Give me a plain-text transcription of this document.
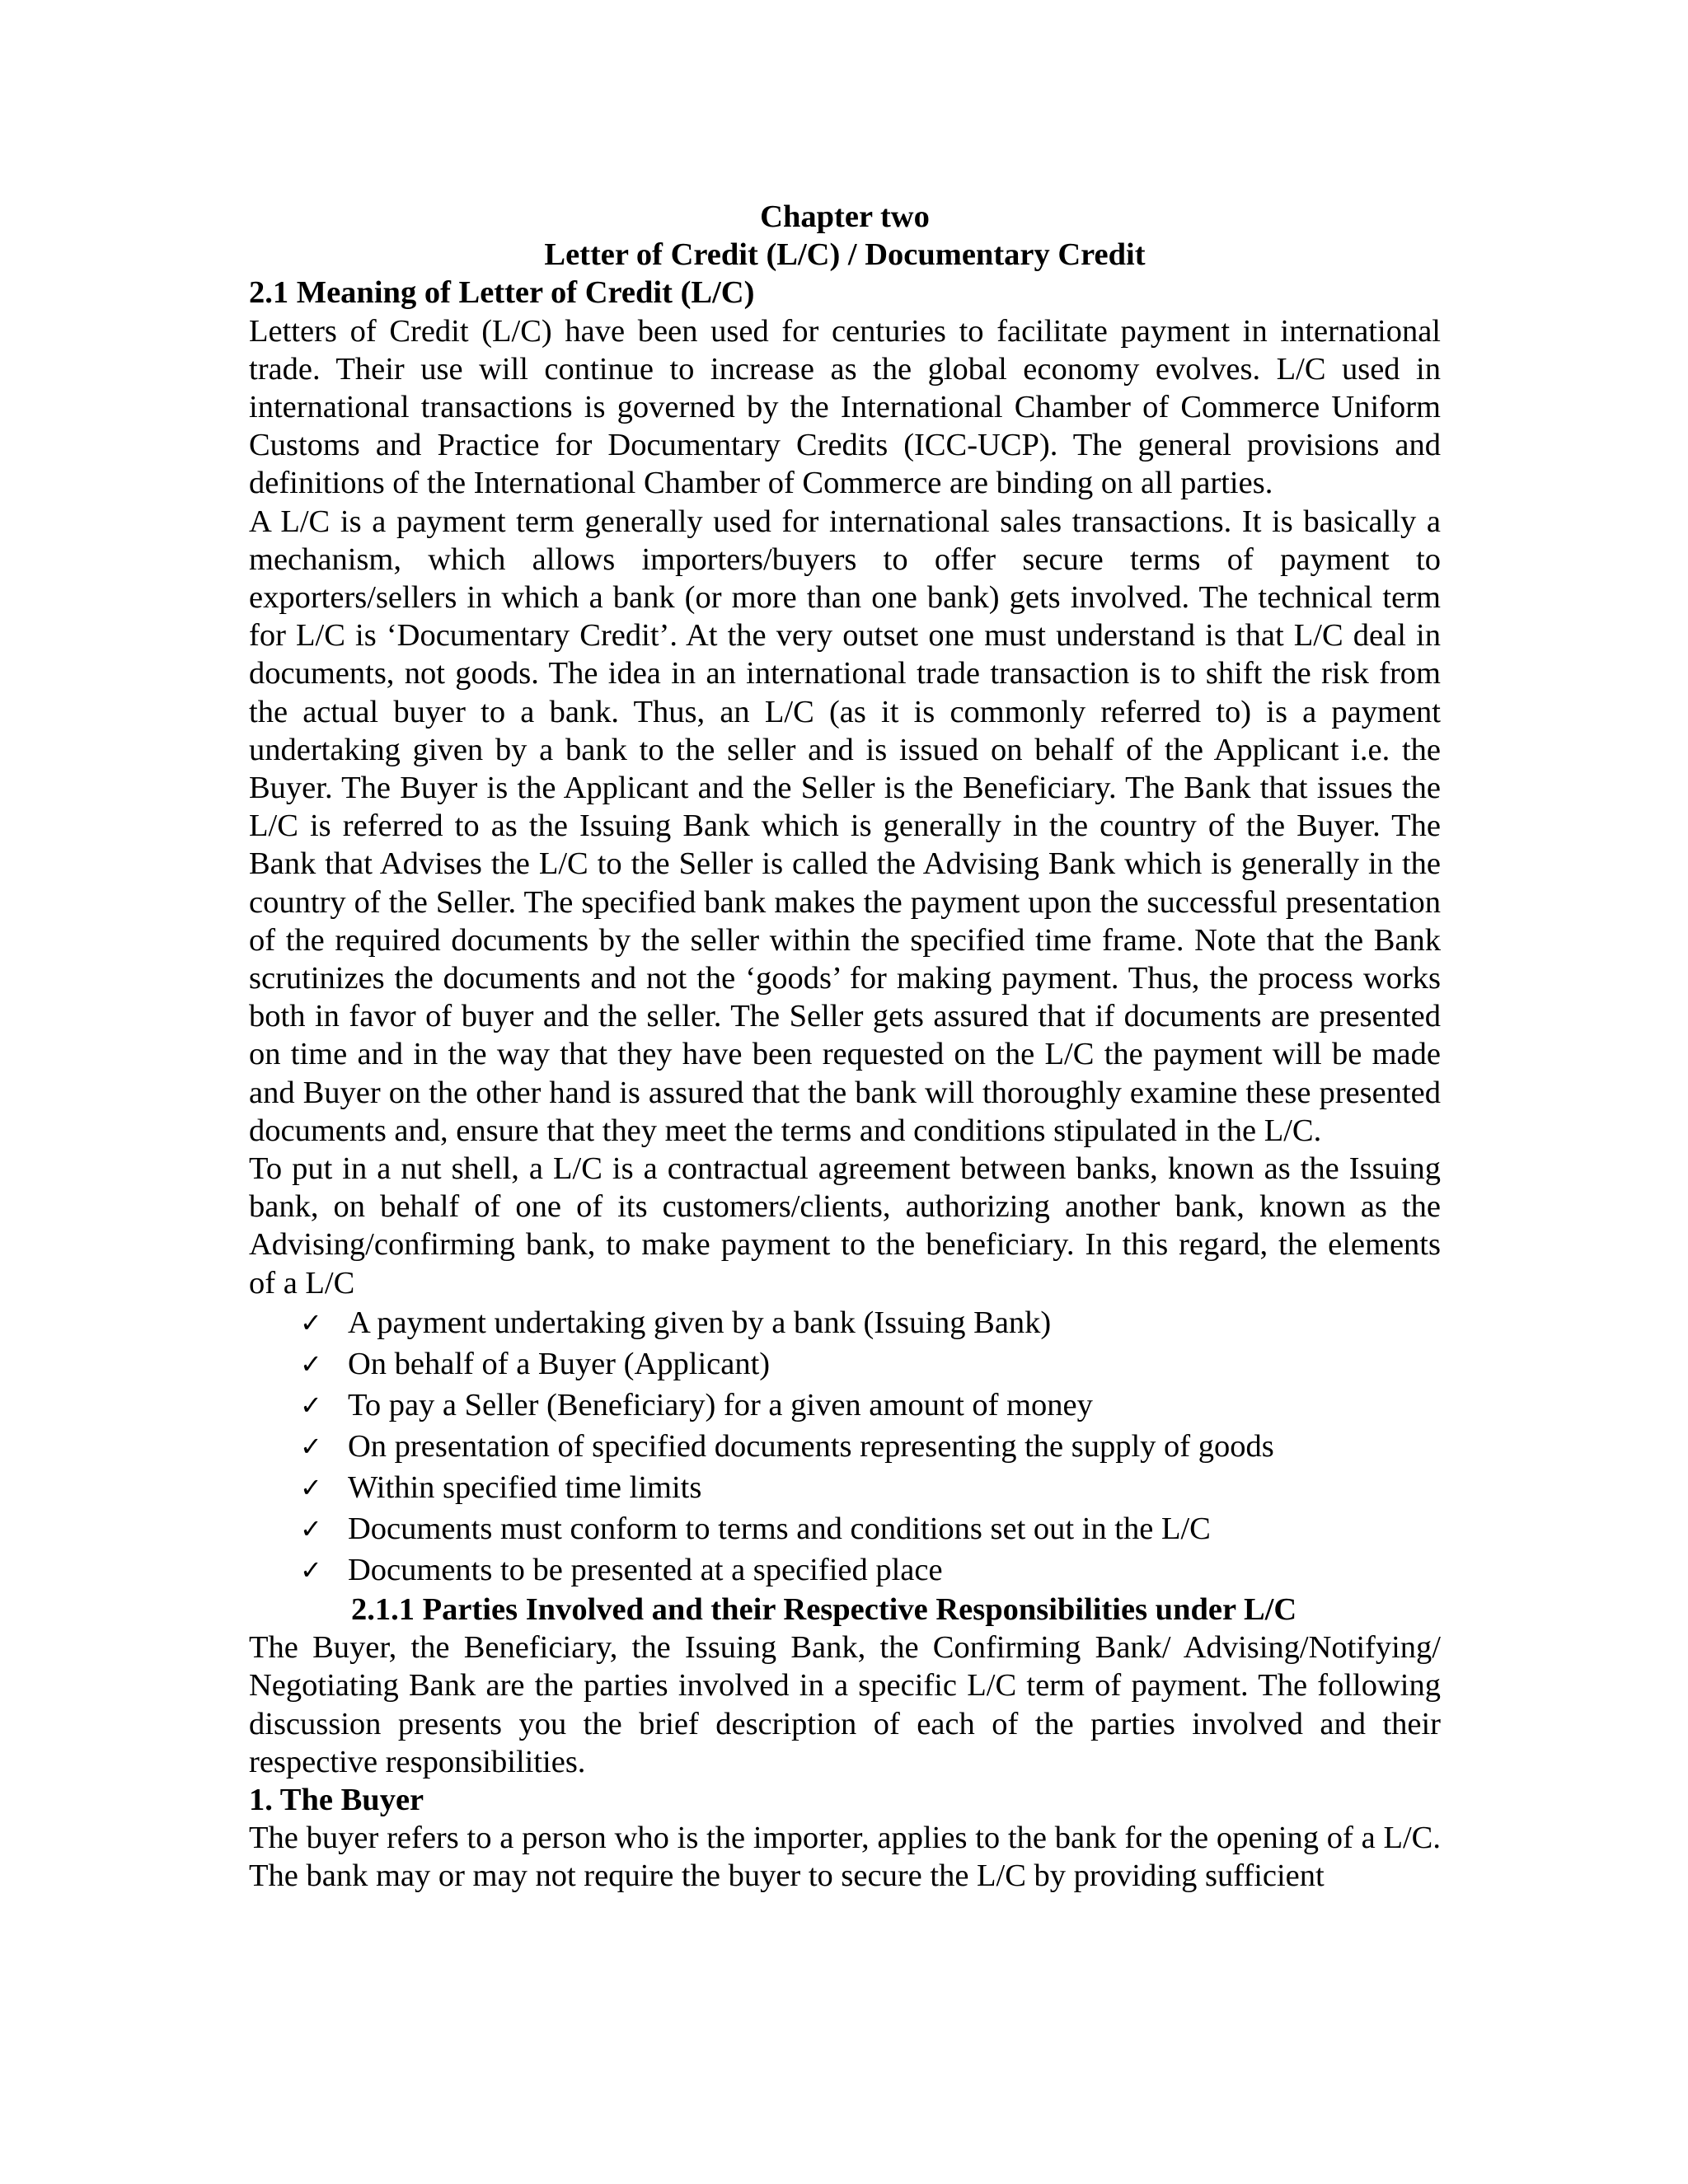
Chapter two

Letter of Credit (L/C) / Documentary Credit

2.1 Meaning of Letter of Credit (L/C)

Letters of Credit (L/C) have been used for centuries to facilitate payment in international trade. Their use will continue to increase as the global economy evolves. L/C used in international transactions is governed by the International Chamber of Commerce Uniform Customs and Practice for Documentary Credits (ICC-UCP). The general provisions and definitions of the International Chamber of Commerce are binding on all parties.

A L/C is a payment term generally used for international sales transactions. It is basically a mechanism, which allows importers/buyers to offer secure terms of payment to exporters/sellers in which a bank (or more than one bank) gets involved. The technical term for L/C is ‘Documentary Credit’. At the very outset one must understand is that L/C deal in documents, not goods. The idea in an international trade transaction is to shift the risk from the actual buyer to a bank. Thus, an L/C (as it is commonly referred to) is a payment undertaking given by a bank to the seller and is issued on behalf of the Applicant i.e. the Buyer. The Buyer is the Applicant and the Seller is the Beneficiary. The Bank that issues the L/C is referred to as the Issuing Bank which is generally in the country of the Buyer. The Bank that Advises the L/C to the Seller is called the Advising Bank which is generally in the country of the Seller. The specified bank makes the payment upon the successful presentation of the required documents by the seller within the specified time frame. Note that the Bank scrutinizes the documents and not the ‘goods’ for making payment. Thus, the process works both in favor of buyer and the seller. The Seller gets assured that if documents are presented on time and in the way that they have been requested on the L/C the payment will be made and Buyer on the other hand is assured that the bank will thoroughly examine these presented documents and, ensure that they meet the terms and conditions stipulated in the L/C.

To put in a nut shell, a L/C is a contractual agreement between banks, known as the Issuing bank, on behalf of one of its customers/clients, authorizing another bank, known as the Advising/confirming bank, to make payment to the beneficiary. In this regard, the elements of a L/C

✓ A payment undertaking given by a bank (Issuing Bank)
✓ On behalf of a Buyer (Applicant)
✓ To pay a Seller (Beneficiary) for a given amount of money
✓ On presentation of specified documents representing the supply of goods
✓ Within specified time limits
✓ Documents must conform to terms and conditions set out in the L/C
✓ Documents to be presented at a specified place

2.1.1 Parties Involved and their Respective Responsibilities under L/C

The Buyer, the Beneficiary, the Issuing Bank, the Confirming Bank/ Advising/Notifying/ Negotiating Bank are the parties involved in a specific L/C term of payment. The following discussion presents you the brief description of each of the parties involved and their respective responsibilities.

1. The Buyer

The buyer refers to a person who is the importer, applies to the bank for the opening of a L/C. The bank may or may not require the buyer to secure the L/C by providing sufficient
